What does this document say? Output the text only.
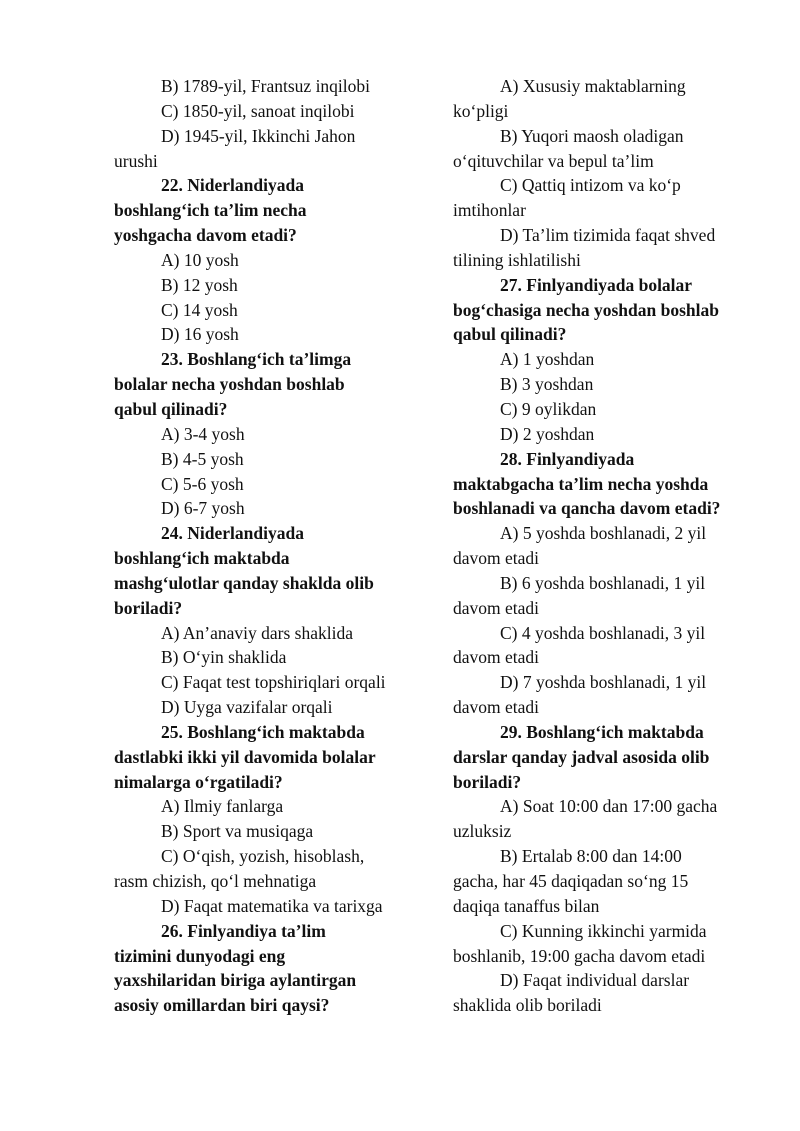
B) 1789-yil, Frantsuz inqilobi
C) 1850-yil, sanoat inqilobi
D) 1945-yil, Ikkinchi Jahon
urushi
22. Niderlandiyada
boshlang‘ich ta’lim necha
yoshgacha davom etadi?
A) 10 yosh
B) 12 yosh
C) 14 yosh
D) 16 yosh
23. Boshlang‘ich ta’limga
bolalar necha yoshdan boshlab
qabul qilinadi?
A) 3-4 yosh
B) 4-5 yosh
C) 5-6 yosh
D) 6-7 yosh
24. Niderlandiyada
boshlang‘ich maktabda
mashg‘ulotlar qanday shaklda olib
boriladi?
A) An’anaviy dars shaklida
B) O‘yin shaklida
C) Faqat test topshiriqlari orqali
D) Uyga vazifalar orqali
25. Boshlang‘ich maktabda
dastlabki ikki yil davomida bolalar
nimalarga o‘rgatiladi?
A) Ilmiy fanlarga
B) Sport va musiqaga
C) O‘qish, yozish, hisoblash,
rasm chizish, qo‘l mehnatiga
D) Faqat matematika va tarixga
26. Finlyandiya ta’lim
tizimini dunyodagi eng
yaxshilaridan biriga aylantirgan
asosiy omillardan biri qaysi?
A) Xususiy maktablarning
ko‘pligi
B) Yuqori maosh oladigan
o‘qituvchilar va bepul ta’lim
C) Qattiq intizom va ko‘p
imtihonlar
D) Ta’lim tizimida faqat shved
tilining ishlatilishi
27. Finlyandiyada bolalar
bog‘chasiga necha yoshdan boshlab
qabul qilinadi?
A) 1 yoshdan
B) 3 yoshdan
C) 9 oylikdan
D) 2 yoshdan
28. Finlyandiyada
maktabgacha ta’lim necha yoshda
boshlanadi va qancha davom etadi?
A) 5 yoshda boshlanadi, 2 yil
davom etadi
B) 6 yoshda boshlanadi, 1 yil
davom etadi
C) 4 yoshda boshlanadi, 3 yil
davom etadi
D) 7 yoshda boshlanadi, 1 yil
davom etadi
29. Boshlang‘ich maktabda
darslar qanday jadval asosida olib
boriladi?
A) Soat 10:00 dan 17:00 gacha
uzluksiz
B) Ertalab 8:00 dan 14:00
gacha, har 45 daqiqadan so‘ng 15
daqiqa tanaffus bilan
C) Kunning ikkinchi yarmida
boshlanib, 19:00 gacha davom etadi
D) Faqat individual darslar
shaklida olib boriladi
